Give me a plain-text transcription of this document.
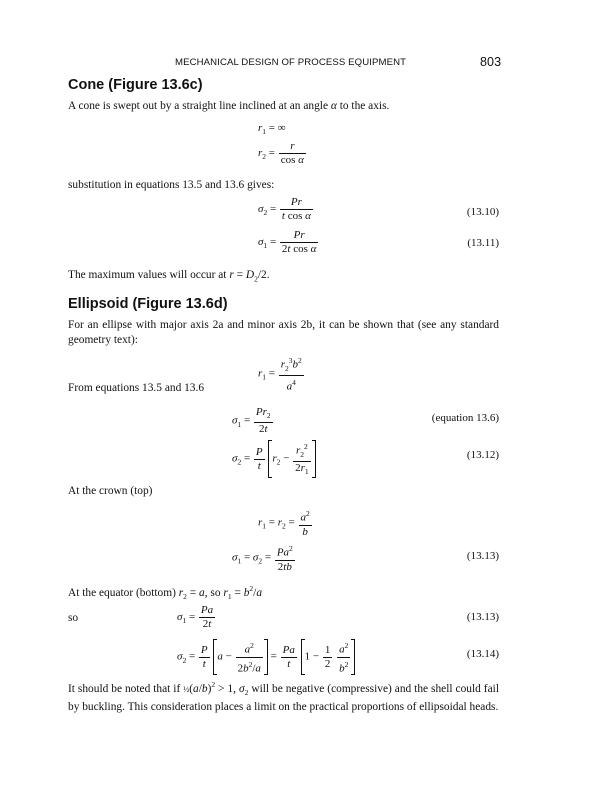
MECHANICAL DESIGN OF PROCESS EQUIPMENT	803
Cone (Figure 13.6c)
A cone is swept out by a straight line inclined at an angle α to the axis.
$r_1$ = ∞
$r_2 = \frac{r}{\text{cos α}}$
substitution in equations 13.5 and 13.6 gives:
$\sigma_2 = \frac{Pr}{\text{t cos α}}$	(13.10)
$\sigma_1 = \frac{Pr}{\text{2t cos α}}$	(13.11)
The maximum values will occur at $r = D_2/2$.
Ellipsoid (Figure 13.6d)
For an ellipse with major axis 2a and minor axis 2b, it can be shown that (see any standard geometry text):
$r_1 = \frac{r_2^3b^2}{a^4}$
From equations 13.5 and 13.6
$\sigma_1 = \frac{Pr_2}{2t}$	(equation 13.6)
$\sigma_2 = \frac{P}{t} r_2 - \frac{r_2^2}{2r_1}$	(13.12)
At the crown (top)
$r_1 = r_2 = \frac{a^2}{b}$
$\sigma_1 = \sigma_2 = \frac{Pa^2}{2tb}$	(13.13)
At the equator (bottom) $r_2 = a$, so $r_1 = b^2/a$
so	$\sigma_1 = \frac{Pa}{2t}$	(13.13)
$\sigma_2 = \frac{P}{t}$ $a - \frac{a^2}{2b^2/a} = \frac{Pa}{t} 1 - \frac{1}{2}$
$\frac{a^2}{b^2}$	(13.14)
It should be noted that if $\frac{1}{2}(a/b)^2 > 1$, $\sigma_2$ will be negative (compressive) and the shell could fail by buckling. This consideration places a limit on the practical proportions of ellipsoidal heads.
